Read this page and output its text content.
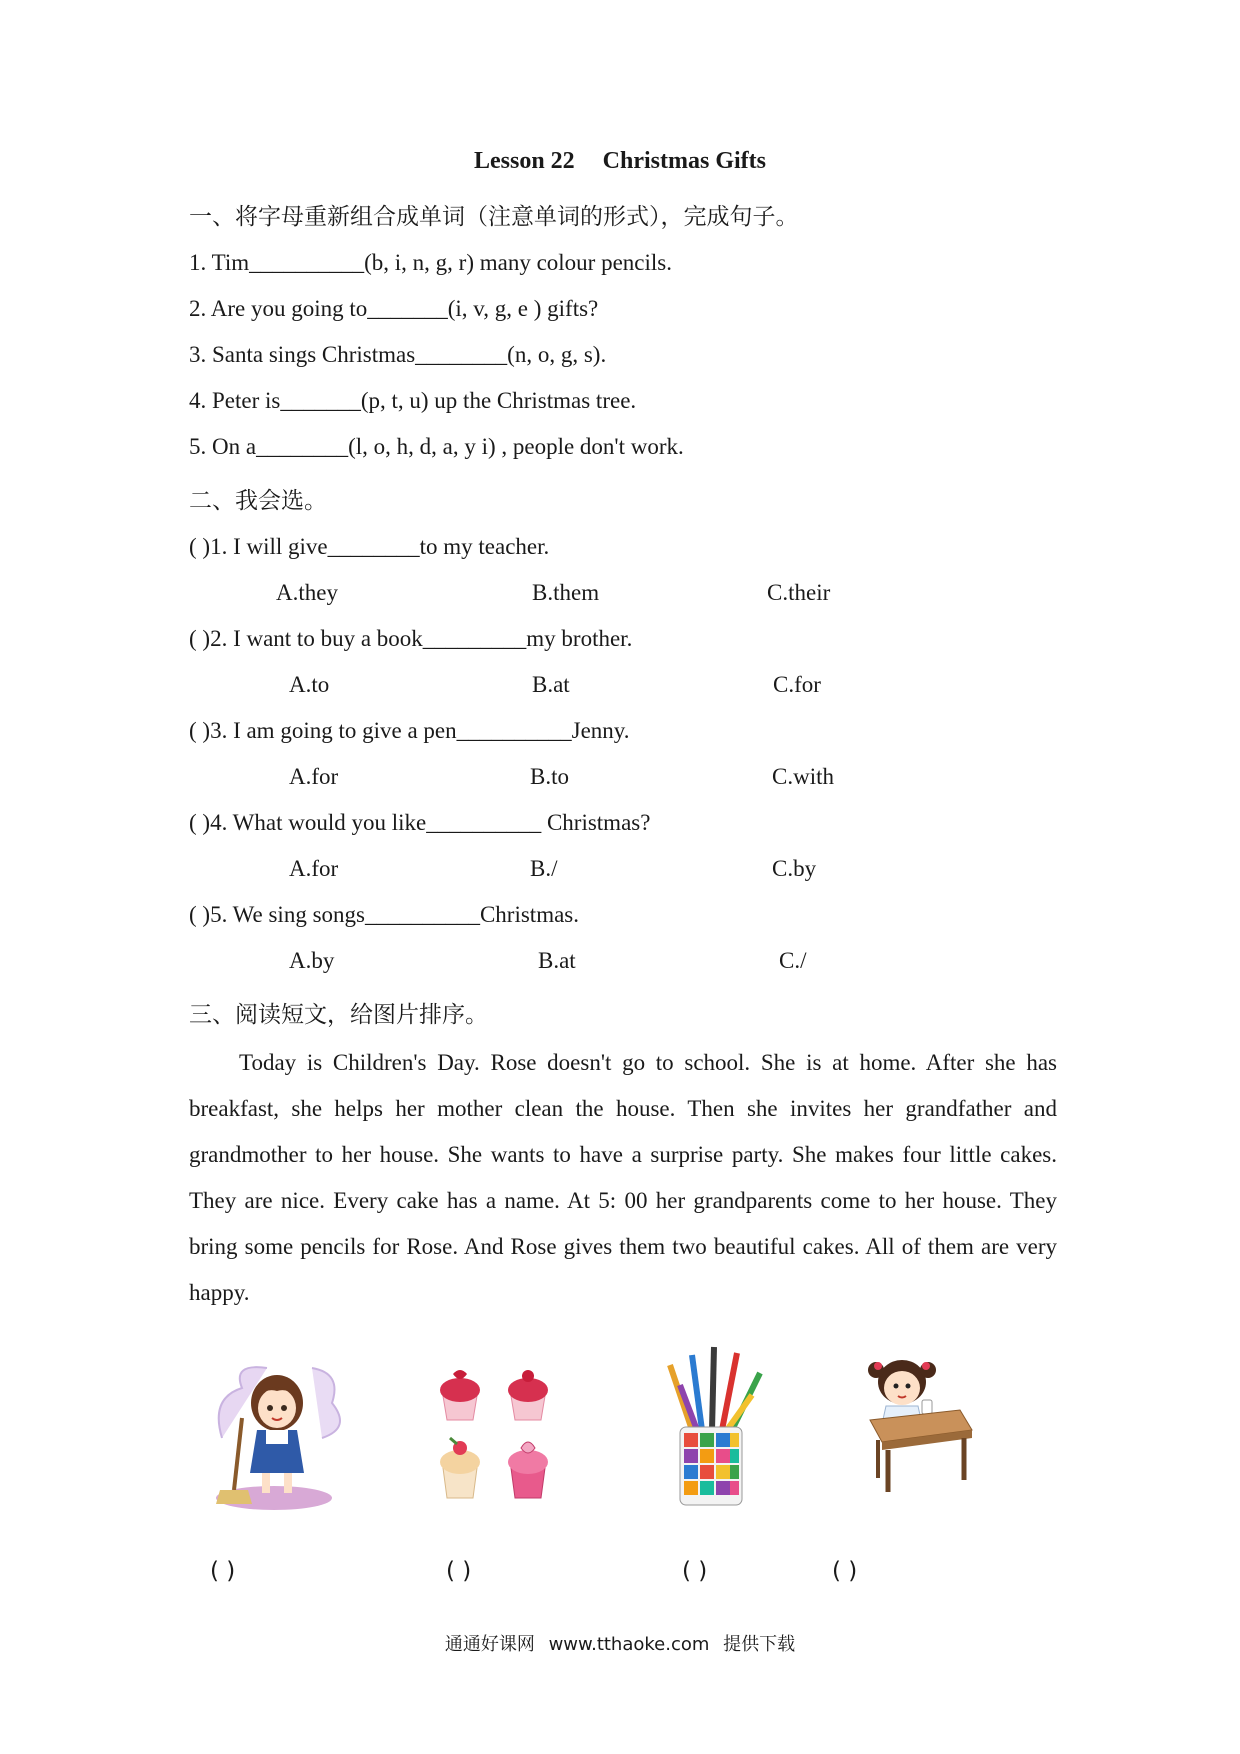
Lesson 22 Christmas Gifts
一、将字母重新组合成单词（注意单词的形式），完成句子。
1. Tim__________(b, i, n, g, r) many colour pencils.
2. Are you going to_______(i, v, g, e ) gifts?
3. Santa sings Christmas________(n, o, g, s).
4. Peter is_______(p, t, u) up the Christmas tree.
5. On a________(l, o, h, d, a, y i) , people don't work.
二、我会选。
( )1. I will give________to my teacher.
A.they	B.them	C.their
( )2. I want to buy a book_________my brother.
A.to	B.at	C.for
( )3. I am going to give a pen__________Jenny.
A.for	B.to	C.with
( )4. What would you like__________ Christmas?
A.for	B./	C.by
( )5. We sing songs__________Christmas.
A.by	B.at	C./
三、阅读短文，给图片排序。

Today is Children's Day. Rose doesn't go to school. She is at home. After she has breakfast, she helps her mother clean the house. Then she invites her grandfather and grandmother to her house. She wants to have a surprise party. She makes four little cakes. They are nice. Every cake has a name. At 5: 00 her grandparents come to her house. They bring some pencils for Rose. And Rose gives them two beautiful cakes. All of them are very happy.

( )	( )	( )	( )
通通好课网 www.tthaoke.com 提供下载
